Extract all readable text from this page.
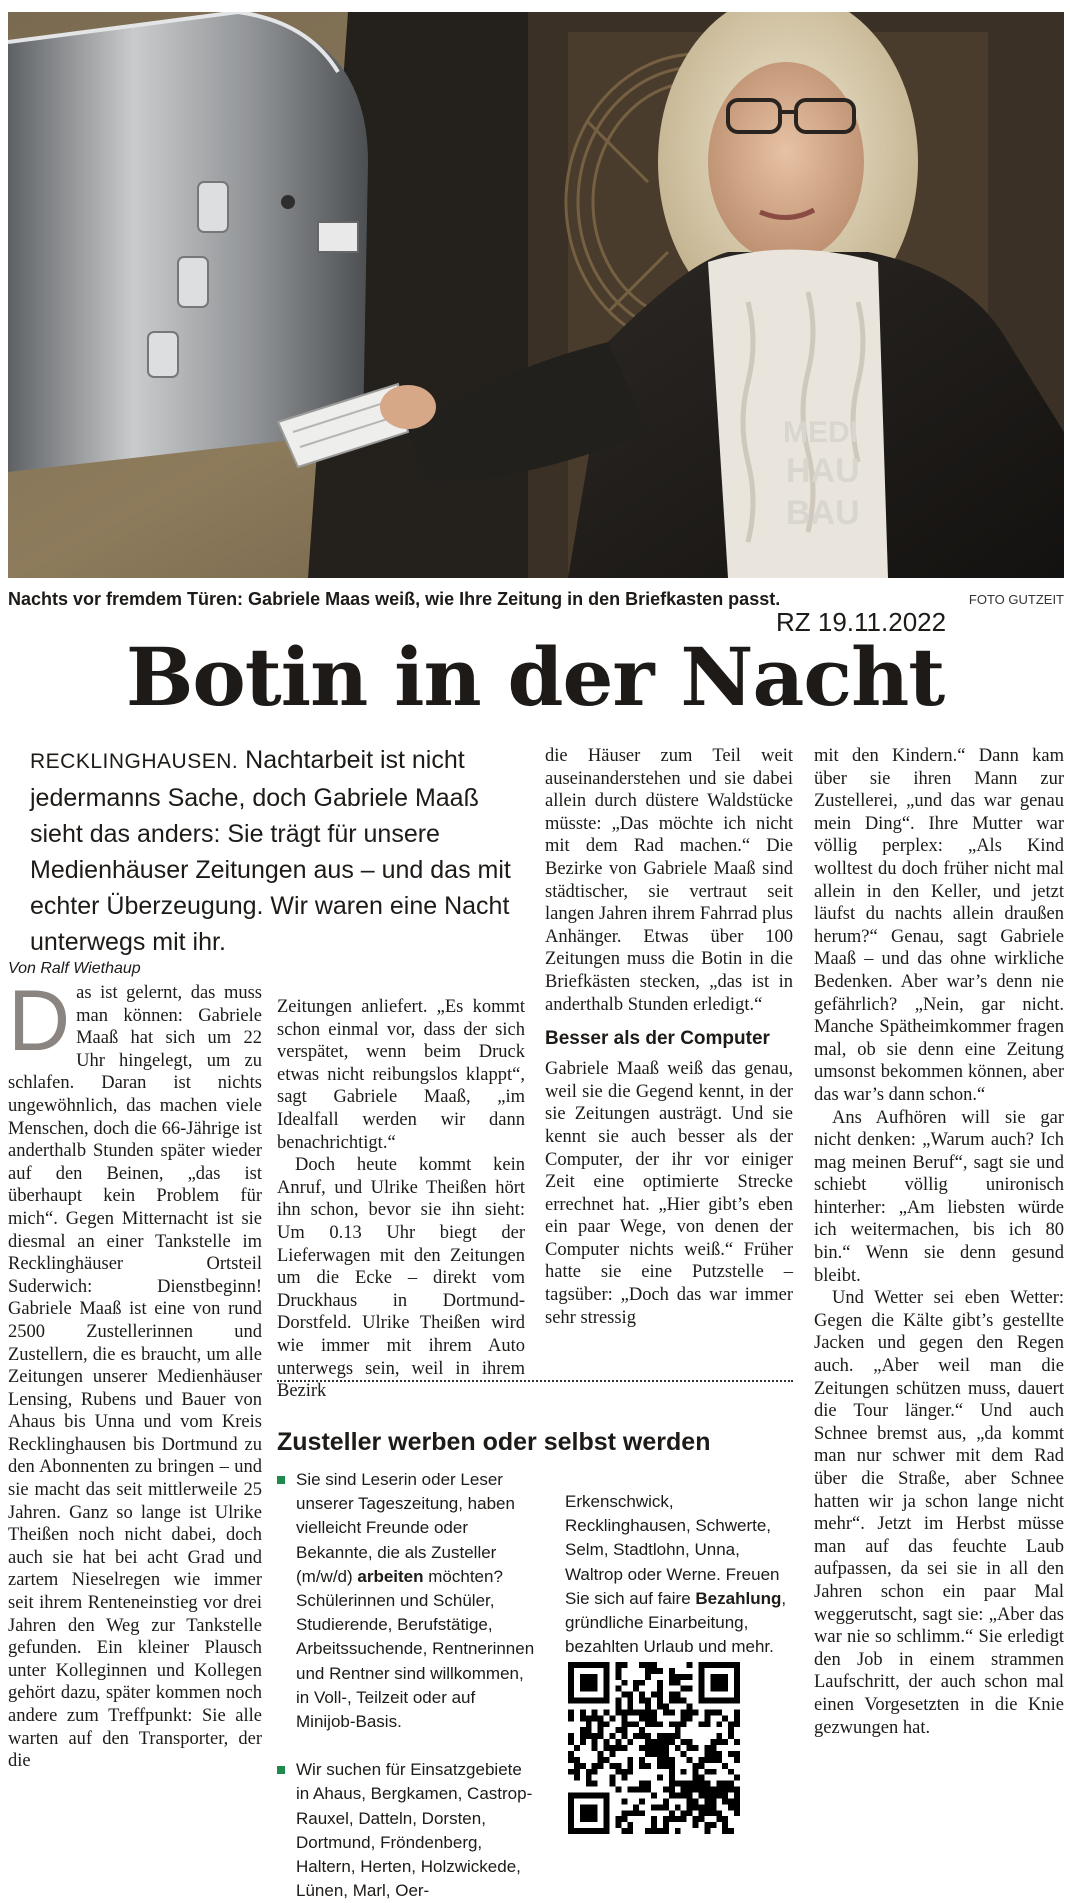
MEDI
HAU
BAU
Nachts vor fremdem Türen: Gabriele Maas weiß, wie Ihre Zeitung in den Briefkasten passt.	FOTO GUTZEIT
RZ 19.11.2022
Botin in der Nacht
RECKLINGHAUSEN. Nachtarbeit ist nicht jedermanns Sache, doch Gabriele Maaß sieht das anders: Sie trägt für unsere Medienhäuser Zeitungen aus – und das mit echter Überzeugung. Wir waren eine Nacht unterwegs mit ihr.
Von Ralf Wiethaup

Das ist gelernt, das muss man können: Gabriele Maaß hat sich um 22 Uhr hingelegt, um zu schlafen. Daran ist nichts ungewöhnlich, das machen viele Menschen, doch die 66-Jährige ist anderthalb Stunden später wieder auf den Beinen, „das ist überhaupt kein Problem für mich“. Gegen Mitternacht ist sie diesmal an einer Tankstelle im Recklinghäuser Ortsteil Suderwich: Dienstbeginn! Gabriele Maaß ist eine von rund 2500 Zustellerinnen und Zustellern, die es braucht, um alle Zeitungen unserer Medienhäuser Lensing, Rubens und Bauer von Ahaus bis Unna und vom Kreis Recklinghausen bis Dortmund zu den Abonnenten zu bringen – und sie macht das seit mittlerweile 25 Jahren. Ganz so lange ist Ulrike Theißen noch nicht dabei, doch auch sie hat bei acht Grad und zartem Nieselregen wie immer seit ihrem Renteneinstieg vor drei Jahren den Weg zur Tankstelle gefunden. Ein kleiner Plausch unter Kolleginnen und Kollegen gehört dazu, später kommen noch andere zum Treffpunkt: Sie alle warten auf den Transporter, der die

Zeitungen anliefert. „Es kommt schon einmal vor, dass der sich verspätet, wenn beim Druck etwas nicht reibungslos klappt“, sagt Gabriele Maaß, „im Idealfall werden wir dann benachrichtigt.“

Doch heute kommt kein Anruf, und Ulrike Theißen hört ihn schon, bevor sie ihn sieht: Um 0.13 Uhr biegt der Lieferwagen mit den Zeitungen um die Ecke – direkt vom Druckhaus in Dortmund-Dorstfeld. Ulrike Theißen wird wie immer mit ihrem Auto unterwegs sein, weil in ihrem Bezirk

die Häuser zum Teil weit auseinanderstehen und sie dabei allein durch düstere Waldstücke müsste: „Das möchte ich nicht mit dem Rad machen.“ Die Bezirke von Gabriele Maaß sind städtischer, sie vertraut seit langen Jahren ihrem Fahrrad plus Anhänger. Etwas über 100 Zeitungen muss die Botin in die Briefkästen stecken, „das ist in anderthalb Stunden erledigt.“

Besser als der Computer

Gabriele Maaß weiß das genau, weil sie die Gegend kennt, in der sie Zeitungen austrägt. Und sie kennt sie auch besser als der Computer, der ihr vor einiger Zeit eine optimierte Strecke errechnet hat. „Hier gibt’s eben ein paar Wege, von denen der Computer nichts weiß.“ Früher hatte sie eine Putzstelle – tagsüber: „Doch das war immer sehr stressig

mit den Kindern.“ Dann kam über sie ihren Mann zur Zustellerei, „und das war genau mein Ding“. Ihre Mutter war völlig perplex: „Als Kind wolltest du doch früher nicht mal allein in den Keller, und jetzt läufst du nachts allein draußen herum?“ Genau, sagt Gabriele Maaß – und das ohne wirkliche Bedenken. Aber war’s denn nie gefährlich? „Nein, gar nicht. Manche Spätheimkommer fragen mal, ob sie denn eine Zeitung umsonst bekommen können, aber das war’s dann schon.“

Ans Aufhören will sie gar nicht denken: „Warum auch? Ich mag meinen Beruf“, sagt sie und schiebt völlig unironisch hinterher: „Am liebsten würde ich weitermachen, bis ich 80 bin.“ Wenn sie denn gesund bleibt.

Und Wetter sei eben Wetter: Gegen die Kälte gibt’s gestellte Jacken und gegen den Regen auch. „Aber weil man die Zeitungen schützen muss, dauert die Tour länger.“ Und auch Schnee bremst aus, „da kommt man nur schwer mit dem Rad über die Straße, aber Schnee hatten wir ja schon lange nicht mehr“. Jetzt im Herbst müsse man auf das feuchte Laub aufpassen, da sei sie in all den Jahren schon ein paar Mal weggerutscht, sagt sie: „Aber das war nie so schlimm.“ Sie erledigt den Job in einem strammen Laufschritt, der auch schon mal einen Vorgesetzten in die Knie gezwungen hat.

Zusteller werben oder selbst werden

Sie sind Leserin oder Leser unserer Tageszeitung, haben vielleicht Freunde oder Bekannte, die als Zusteller (m/w/d) arbeiten möchten? Schülerinnen und Schüler, Studierende, Berufstätige, Arbeitssuchende, Rentnerinnen und Rentner sind willkommen, in Voll-, Teilzeit oder auf Minijob-Basis.

Wir suchen für Einsatzgebiete in Ahaus, Bergkamen, Castrop-Rauxel, Datteln, Dorsten, Dortmund, Fröndenberg, Haltern, Herten, Holzwickede, Lünen, Marl, Oer-

Erkenschwick, Recklinghausen, Schwerte, Selm, Stadtlohn, Unna, Waltrop oder Werne. Freuen Sie sich auf faire Bezahlung, gründliche Einarbeitung, bezahlten Urlaub und mehr.
